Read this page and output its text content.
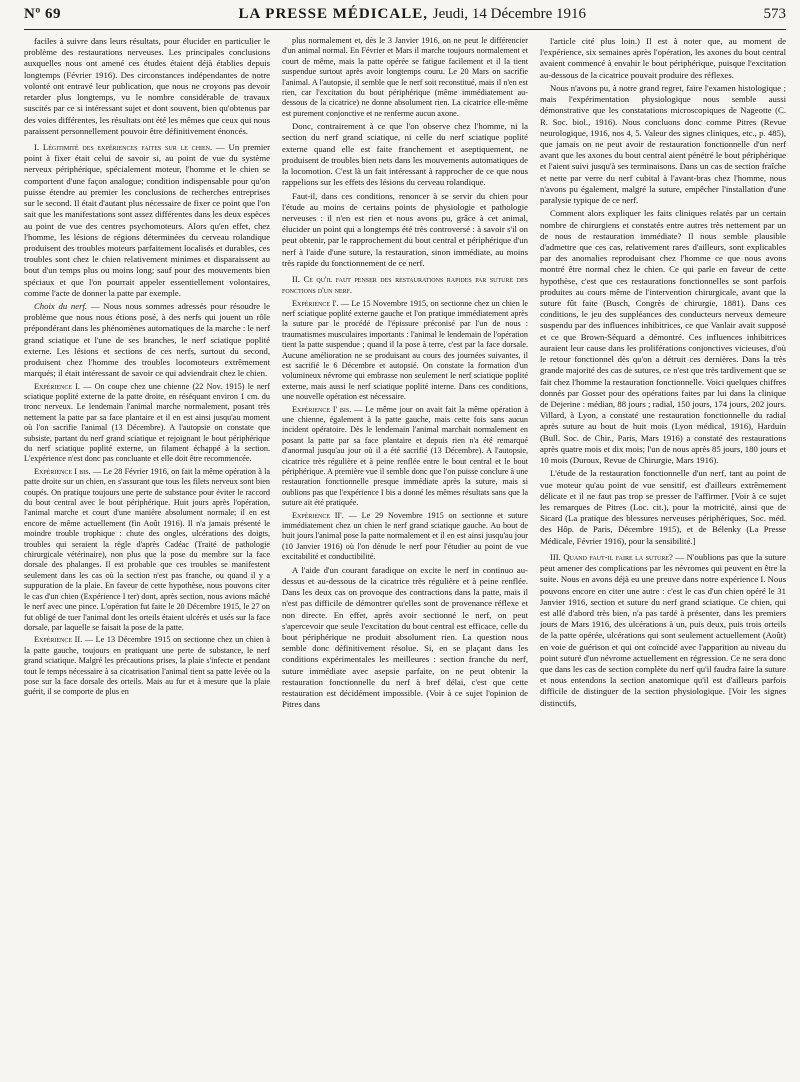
Nº 69	LA PRESSE MÉDICALE, Jeudi, 14 Décembre 1916	573

faciles à suivre dans leurs résultats, pour élucider en particulier le problème des restaurations nerveuses. Les principales conclusions auxquelles nous ont amené ces études étaient déjà établies depuis longtemps (Février 1916). Des circonstances indépendantes de notre volonté ont entravé leur publication, que nous ne croyons pas devoir retarder plus longtemps, vu le nombre considérable de travaux suscités par ce si intéressant sujet et dont souvent, bien qu'obtenus par des voies différentes, les résultats ont été les mêmes que ceux qui nous paraissent personnellement pouvoir être définitivement énoncés.

I. Légitimité des expériences faites sur le chien. — Un premier point à fixer était celui de savoir si, au point de vue du système nerveux périphérique, spécialement moteur, l'homme et le chien se comportent d'une façon analogue; condition indispensable pour qu'on puisse étendre au premier les conclusions de recherches entreprises sur le second. Il était d'autant plus nécessaire de fixer ce point que l'on sait que les manifestations sont assez différentes dans les deux espèces au point de vue des centres psychomoteurs. Alors qu'en effet, chez l'homme, les lésions de régions déterminées du cerveau rolandique produisent des troubles moteurs parfaitement localisés et durables, ces troubles sont chez le chien relativement minimes et disparaissent au bout d'un temps plus ou moins long; sauf pour des mouvements bien spéciaux et que l'on pourrait appeler essentiellement volontaires, comme l'acte de donner la patte par exemple.

Choix du nerf. — Nous nous sommes adressés pour résoudre le problème que nous nous étions posé, à des nerfs qui jouent un rôle prépondérant dans les phénomènes automatiques de la marche : le nerf grand sciatique et l'une de ses branches, le nerf sciatique poplité externe. Les lésions et sections de ces nerfs, surtout du second, produisent chez l'homme des troubles locomoteurs extrêmement marqués; il était intéressant de savoir ce qui adviendrait chez le chien.

Expérience I. — On coupe chez une chienne (22 Nov. 1915) le nerf sciatique poplité externe de la patte droite, en réséquant environ 1 cm. du tronc nerveux. Le lendemain l'animal marche normalement, posant très nettement la patte par sa face plantaire et il en est ainsi jusqu'au moment où l'on sacrifie l'animal (13 Décembre). A l'autopsie on constate que subsiste, partant du nerf grand sciatique et rejoignant le bout périphérique du nerf sciatique poplité externe, un filament échappé à la section. L'expérience n'est donc pas concluante et elle doit être recommencée.

Expérience I bis. — Le 28 Février 1916, on fait la même opération à la patte droite sur un chien, en s'assurant que tous les filets nerveux sont bien coupés. On pratique toujours une perte de substance pour éviter le raccord du bout central avec le bout périphérique. Huit jours après l'opération, l'animal marche et court d'une manière absolument normale; il en est encore de même actuellement (fin Août 1916). Il n'a jamais présenté le moindre trouble trophique : chute des ongles, ulcérations des doigts, troubles qui seraient la règle d'après Cadéac (Traité de pathologie chirurgicale vétérinaire), non plus que la pose du membre sur la face dorsale des phalanges. Il est probable que ces troubles se manifestent seulement dans les cas où la section n'est pas franche, ou quand il y a suppuration de la plaie. En faveur de cette hypothèse, nous pouvons citer le cas d'un chien (Expérience I ter) dont, après section, nous avions mâché le nerf avec une pince. L'opération fut faite le 20 Décembre 1915, le 27 on fut obligé de tuer l'animal dont les orteils étaient ulcérés et usés sur la face dorsale, par laquelle se faisait la pose de la patte.

Expérience II. — Le 13 Décembre 1915 on sectionne chez un chien à la patte gauche, toujours en pratiquant une perte de substance, le nerf grand sciatique. Malgré les précautions prises, la plaie s'infecte et pendant tout le temps nécessaire à sa cicatrisation l'animal tient sa patte levée ou la pose sur la face dorsale des orteils. Mais au fur et à mesure que la plaie guérit, il se comporte de plus en

plus normalement et, dès le 3 Janvier 1916, on ne peut le différencier d'un animal normal. En Février et Mars il marche toujours normalement et court de même, mais la patte opérée se fatigue facilement et il la tient suspendue surtout après avoir longtemps couru. Le 20 Mars on sacrifie l'animal. A l'autopsie, il semble que le nerf soit reconstitué, mais il n'en est rien, car l'excitation du bout périphérique (même immédiatement au-dessous de la cicatrice) ne donne absolument rien. La cicatrice elle-même est purement conjonctive et ne renferme aucun axone.

Donc, contrairement à ce que l'on observe chez l'homme, ni la section du nerf grand sciatique, ni celle du nerf sciatique poplité externe quand elle est faite franchement et aseptiquement, ne produisent de troubles bien nets dans les mouvements automatiques de la locomotion. C'est là un fait intéressant à rapprocher de ce que nous rappelions sur les effets des lésions du cerveau rolandique.

Faut-il, dans ces conditions, renoncer à se servir du chien pour l'étude au moins de certains points de physiologie et pathologie nerveuses : il n'en est rien et nous avons pu, grâce à cet animal, élucider un point qui a longtemps été très controversé : à savoir s'il on peut obtenir, par le rapprochement du bout central et périphérique d'un nerf à l'aide d'une suture, la restauration, sinon immédiate, au moins très rapide du fonctionnement de ce nerf.

II. Ce qu'il faut penser des restaurations rapides par suture des fonctions d'un nerf.

Expérience I'. — Le 15 Novembre 1915, on sectionne chez un chien le nerf sciatique poplité externe gauche et l'on pratique immédiatement après la suture par le procédé de l'épissure préconisé par l'un de nous : traumatismes musculaires importants : l'animal le lendemain de l'opération tient la patte suspendue ; quand il la pose à terre, c'est par la face dorsale. Aucune amélioration ne se produisant au cours des journées suivantes, il est sacrifié le 6 Décembre et autopsié. On constate la formation d'un volumineux névrome qui embrasse non seulement le nerf sciatique poplité externe, mais aussi le nerf sciatique poplité interne. Dans ces conditions, une nouvelle opération est nécessaire.

Expérience I' bis. — Le même jour on avait fait la même opération à une chienne, également à la patte gauche, mais cette fois sans aucun incident opératoire. Dès le lendemain l'animal marchait normalement en posant la patte par sa face plantaire et depuis rien n'a été remarqué d'anormal jusqu'au jour où il a été sacrifié (13 Décembre). A l'autopsie, cicatrice très régulière et à peine renflée entre le bout central et le bout périphérique. A première vue il semble donc que l'on puisse conclure à une restauration fonctionnelle presque immédiate après la suture, mais si oublions pas que l'expérience I bis a donné les mêmes résultats sans que la suture ait été pratiquée.

Expérience II'. — Le 29 Novembre 1915 on sectionne et suture immédiatement chez un chien le nerf grand sciatique gauche. Au bout de huit jours l'animal pose la patte normalement et il en est ainsi jusqu'au jour (10 Janvier 1916) où l'on dénude le nerf pour l'étudier au point de vue excitabilité et conductibilité.

A l'aide d'un courant faradique on excite le nerf in continuo au-dessus et au-dessous de la cicatrice très régulière et à peine renflée. Dans les deux cas on provoque des contractions dans la patte, mais il n'est pas difficile de démontrer qu'elles sont de provenance réflexe et non directe. En effet, après avoir sectionné le nerf, on peut s'apercevoir que seule l'excitation du bout central est efficace, celle du bout périphérique ne produit absolument rien. La question nous semble donc définitivement résolue. Si, en se plaçant dans les conditions expérimentales les meilleures : section franche du nerf, suture immédiate avec asepsie parfaite, on ne peut obtenir la restauration fonctionnelle du nerf à bref délai, c'est que cette restauration est décidément impossible. (Voir à ce sujet l'opinion de Pitres dans

l'article cité plus loin.) Il est à noter que, au moment de l'expérience, six semaines après l'opération, les axones du bout central avaient commencé à envahir le bout périphérique, puisque l'excitation au-dessous de la cicatrice pouvait produire des réflexes.

Nous n'avons pu, à notre grand regret, faire l'examen histologique ; mais l'expérimentation physiologique nous semble aussi démonstrative que les constatations microscopiques de Nageotte (C. R. Soc. biol., 1916). Nous concluons donc comme Pitres (Revue neurologique, 1916, nos 4, 5. Valeur des signes cliniques, etc., p. 485), que jamais on ne peut avoir de restauration fonctionnelle d'un nerf avant que les axones du bout central aient pénétré le bout périphérique et l'aient suivi jusqu'à ses terminaisons. Dans un cas de section fraîche et nette par verre du nerf cubital à l'avant-bras chez l'homme, nous n'avons pu également, malgré la suture, empêcher l'installation d'une paralysie typique de ce nerf.

Comment alors expliquer les faits cliniques relatés par un certain nombre de chirurgiens et constatés entre autres très nettement par un de nous de restauration immédiate? Il nous semble plausible d'admettre que ces cas, relativement rares d'ailleurs, sont explicables par des anomalies reproduisant chez l'homme ce que nous avons montré être normal chez le chien. Ce qui parle en faveur de cette hypothèse, c'est que ces restaurations fonctionnelles se sont parfois produites au cours même de l'intervention chirurgicale, avant que la suture fût faite (Busch, Congrès de chirurgie, 1881). Dans ces conditions, le jeu des suppléances des conducteurs nerveux demeure suspendu par des influences inhibitrices, ce que Vanlair avait supposé et ce que Brown-Séquard a démontré. Ces influences inhibitrices auraient leur cause dans les proliférations conjonctives vicieuses, d'où le retour fonctionnel dès qu'on a détruit ces dernières. Dans la très grande majorité des cas de sutures, ce n'est que très tardivement que se fait chez l'homme la restauration fonctionnelle. Voici quelques chiffres donnés par Gosset pour des opérations faites par lui dans la clinique de Dejerine : médian, 88 jours ; radial, 150 jours, 174 jours, 202 jours. Villard, à Lyon, a constaté une restauration fonctionnelle du radial après suture au bout de huit mois (Lyon médical, 1916), Harduin (Bull. Soc. de Chir., Paris, Mars 1916) a constaté des restaurations après quatre mois et dix mois; l'un de nous après 85 jours, 180 jours et 10 mois (Duroux, Revue de Chirurgie, Mars 1916).

L'étude de la restauration fonctionnelle d'un nerf, tant au point de vue moteur qu'au point de vue sensitif, est d'ailleurs extrêmement délicate et il ne faut pas trop se presser de l'affirmer. [Voir à ce sujet les remarques de Pitres (Loc. cit.), pour la motricité, ainsi que de Sicard (La pratique des blessures nerveuses périphériques, Soc. méd. des Hôp. de Paris, Décembre 1915), et de Bélenky (La Presse Médicale, Février 1916), pour la sensibilité.]

III. Quand faut-il faire la suture? — N'oublions pas que la suture peut amener des complications par les névromes qui peuvent en être la suite. Nous en avons déjà eu une preuve dans notre expérience I. Nous pouvons encore en citer une autre : c'est le cas d'un chien opéré le 31 Janvier 1916, section et suture du nerf grand sciatique. Ce chien, qui est allé d'abord très bien, n'a pas tardé à présenter, dans les premiers jours de Mars 1916, des ulcérations à un, puis deux, puis trois orteils de la patte opérée, ulcérations qui sont seulement actuellement (Août) en voie de guérison et qui ont coïncidé avec l'apparition au niveau du point suturé d'un névrome actuellement en régression. Ce ne sera donc que dans les cas de section complète du nerf qu'il faudra faire la suture et nous entendons la section anatomique qu'il est d'ailleurs parfois difficile de distinguer de la section physiologique. [Voir les signes distinctifs,
